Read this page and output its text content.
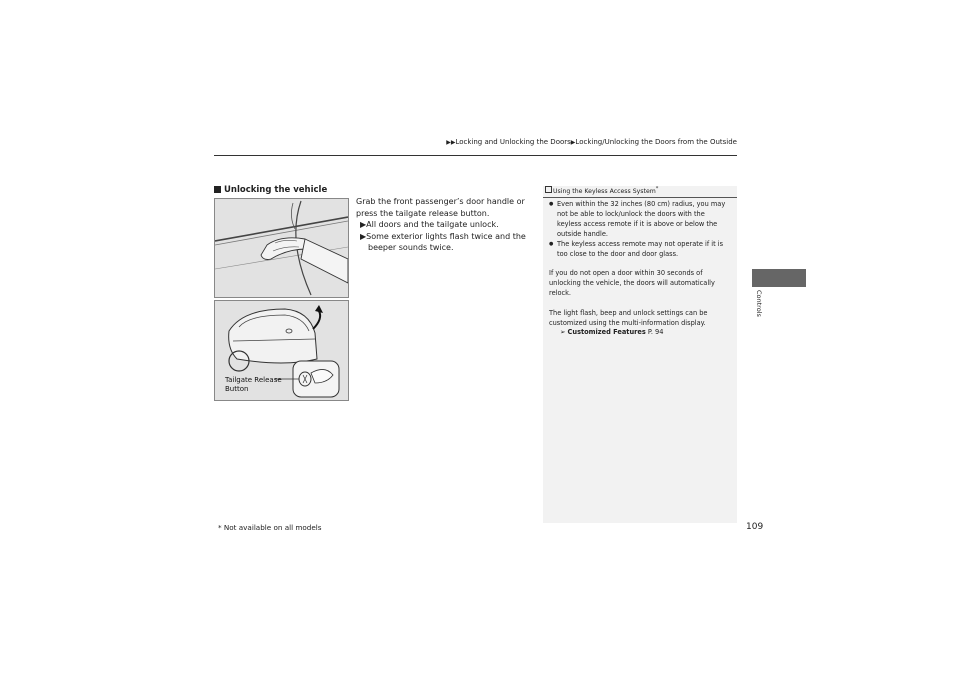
▶▶Locking and Unlocking the Doors▶Locking/Unlocking the Doors from the Outside
Unlocking the vehicle
Tailgate Release
Button
Grab the front passenger’s door handle or press the tailgate release button.
▶All doors and the tailgate unlock.
▶Some exterior lights flash twice and the beeper sounds twice.
Using the Keyless Access System*
● Even within the 32 inches (80 cm) radius, you may not be able to lock/unlock the doors with the keyless access remote if it is above or below the outside handle.
● The keyless access remote may not operate if it is too close to the door and door glass.
If you do not open a door within 30 seconds of unlocking the vehicle, the doors will automatically relock.
The light flash, beep and unlock settings can be customized using the multi-information display.
➢ Customized Features P. 94
Controls
109
* Not available on all models
